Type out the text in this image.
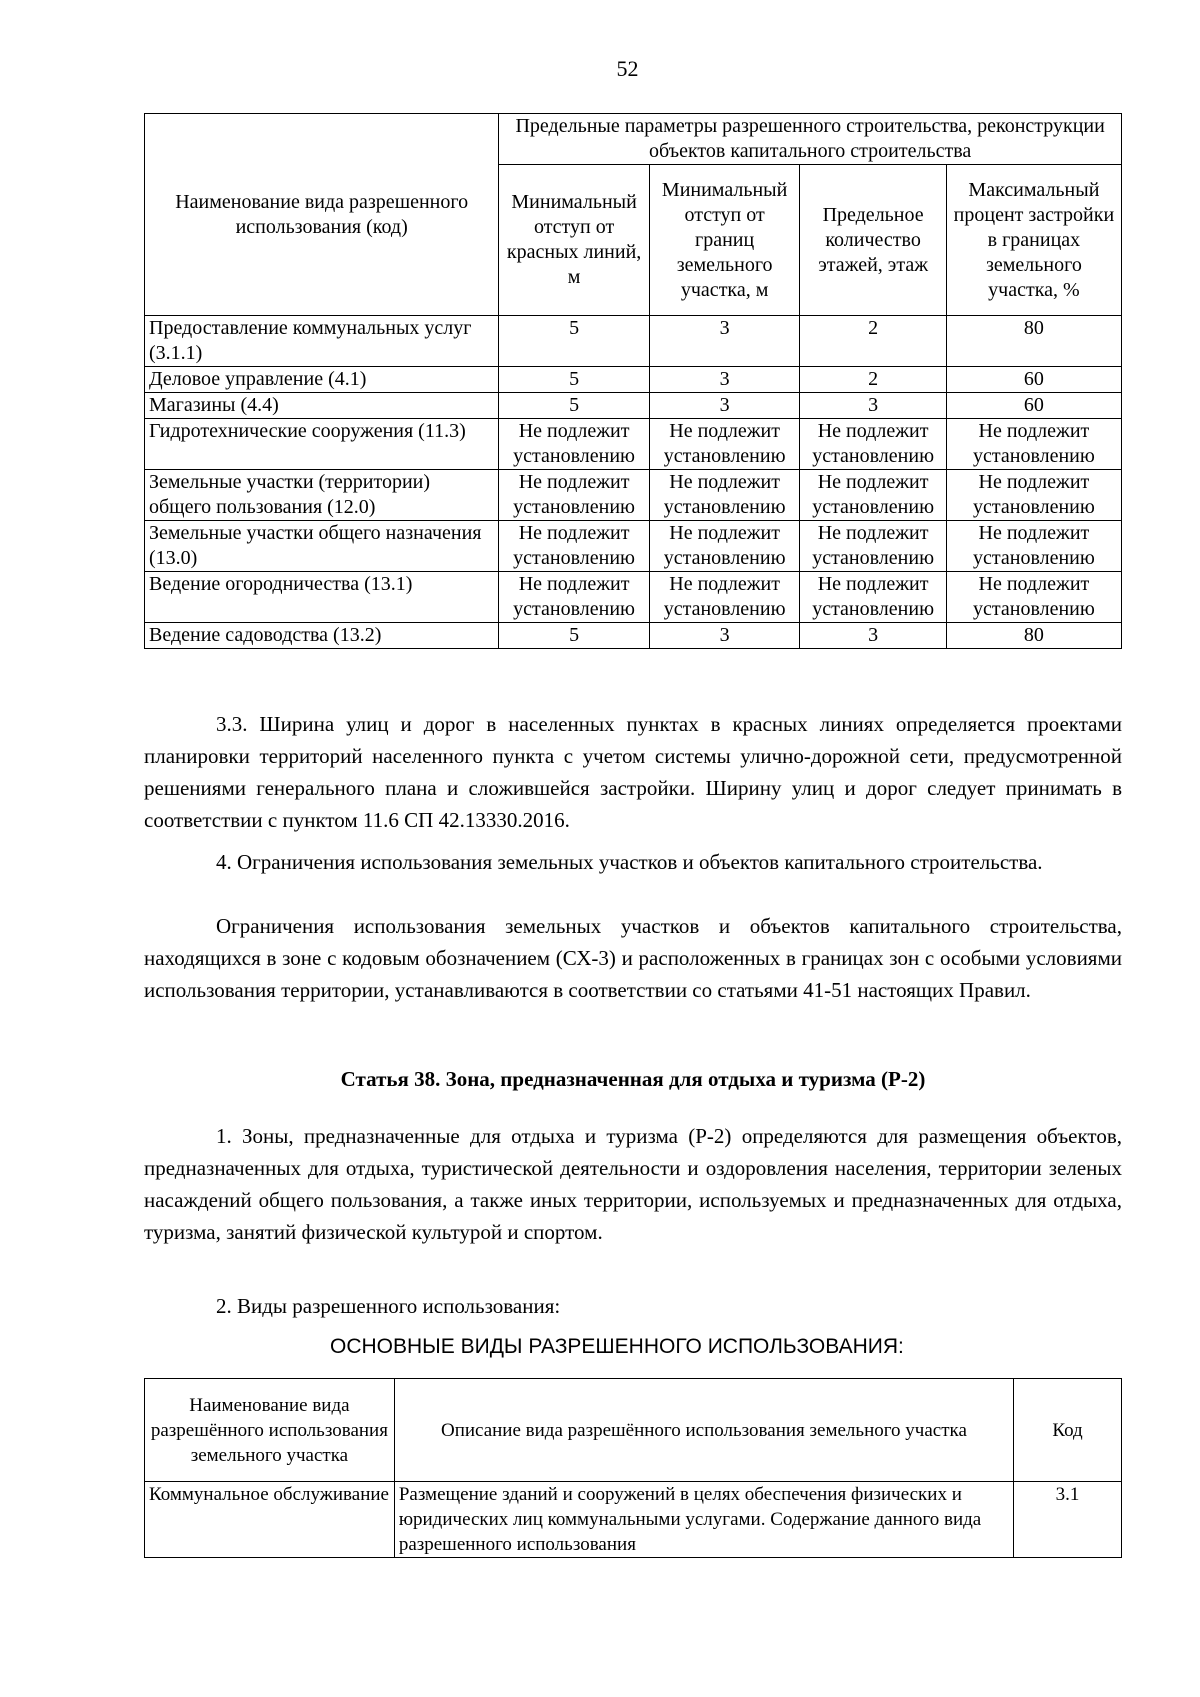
52
Наименование вида разрешенного использования (код)	Предельные параметры разрешенного строительства, реконструкции объектов капитального строительства			
	Минимальный отступ от красных линий, м	Минимальный отступ от границ земельного участка, м	Предельное количество этажей, этаж	Максимальный процент застройки в границах земельного участка, %
Предоставление коммунальных услуг (3.1.1)	5	3	2	80
Деловое управление (4.1)	5	3	2	60
Магазины (4.4)	5	3	3	60
Гидротехнические сооружения (11.3)	Не подлежит установлению	Не подлежит установлению	Не подлежит установлению	Не подлежит установлению
Земельные участки (территории) общего пользования (12.0)	Не подлежит установлению	Не подлежит установлению	Не подлежит установлению	Не подлежит установлению
Земельные участки общего назначения (13.0)	Не подлежит установлению	Не подлежит установлению	Не подлежит установлению	Не подлежит установлению
Ведение огородничества (13.1)	Не подлежит установлению	Не подлежит установлению	Не подлежит установлению	Не подлежит установлению
Ведение садоводства (13.2)	5	3	3	80

3.3. Ширина улиц и дорог в населенных пунктах в красных линиях определяется проектами планировки территорий населенного пункта с учетом системы улично-дорожной сети, предусмотренной решениями генерального плана и сложившейся застройки. Ширину улиц и дорог следует принимать в соответствии с пунктом 11.6 СП 42.13330.2016.

4. Ограничения использования земельных участков и объектов капитального строительства.

Ограничения использования земельных участков и объектов капитального строительства, находящихся в зоне с кодовым обозначением (СХ-3) и расположенных в границах зон с особыми условиями использования территории, устанавливаются в соответствии со статьями 41-51 настоящих Правил.

Статья 38. Зона, предназначенная для отдыха и туризма (Р-2)

1. Зоны, предназначенные для отдыха и туризма (Р-2) определяются для размещения объектов, предназначенных для отдыха, туристической деятельности и оздоровления населения, территории зеленых насаждений общего пользования, а также иных территории, используемых и предназначенных для отдыха, туризма, занятий физической культурой и спортом.

2. Виды разрешенного использования:

ОСНОВНЫЕ ВИДЫ РАЗРЕШЕННОГО ИСПОЛЬЗОВАНИЯ:
Наименование вида разрешённого использования земельного участка	Описание вида разрешённого использования земельного участка	Код
Коммунальное обслуживание	Размещение зданий и сооружений в целях обеспечения физических и юридических лиц коммунальными услугами. Содержание данного вида разрешенного использования	3.1
